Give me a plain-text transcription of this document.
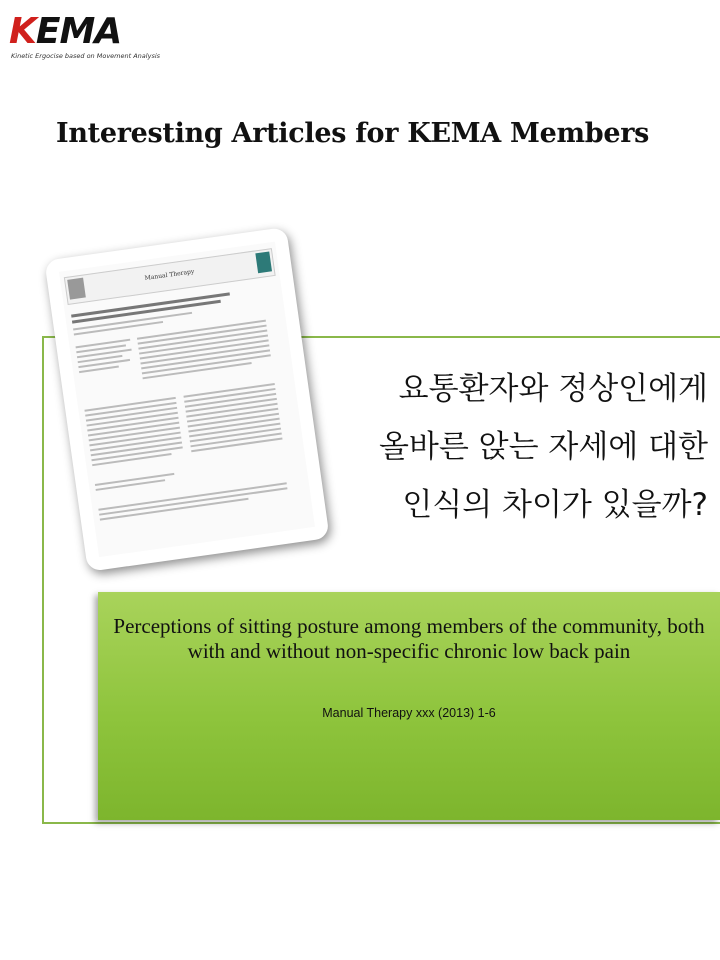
KEMA
Kinetic Ergocise based on Movement Analysis
Interesting Articles for KEMA Members
요통환자와 정상인에게
올바른 앉는 자세에 대한
인식의 차이가 있을까?
Manual Therapy
Perceptions of sitting posture among members of the community, both with and without non-specific chronic low back pain
Manual Therapy xxx (2013) 1-6
